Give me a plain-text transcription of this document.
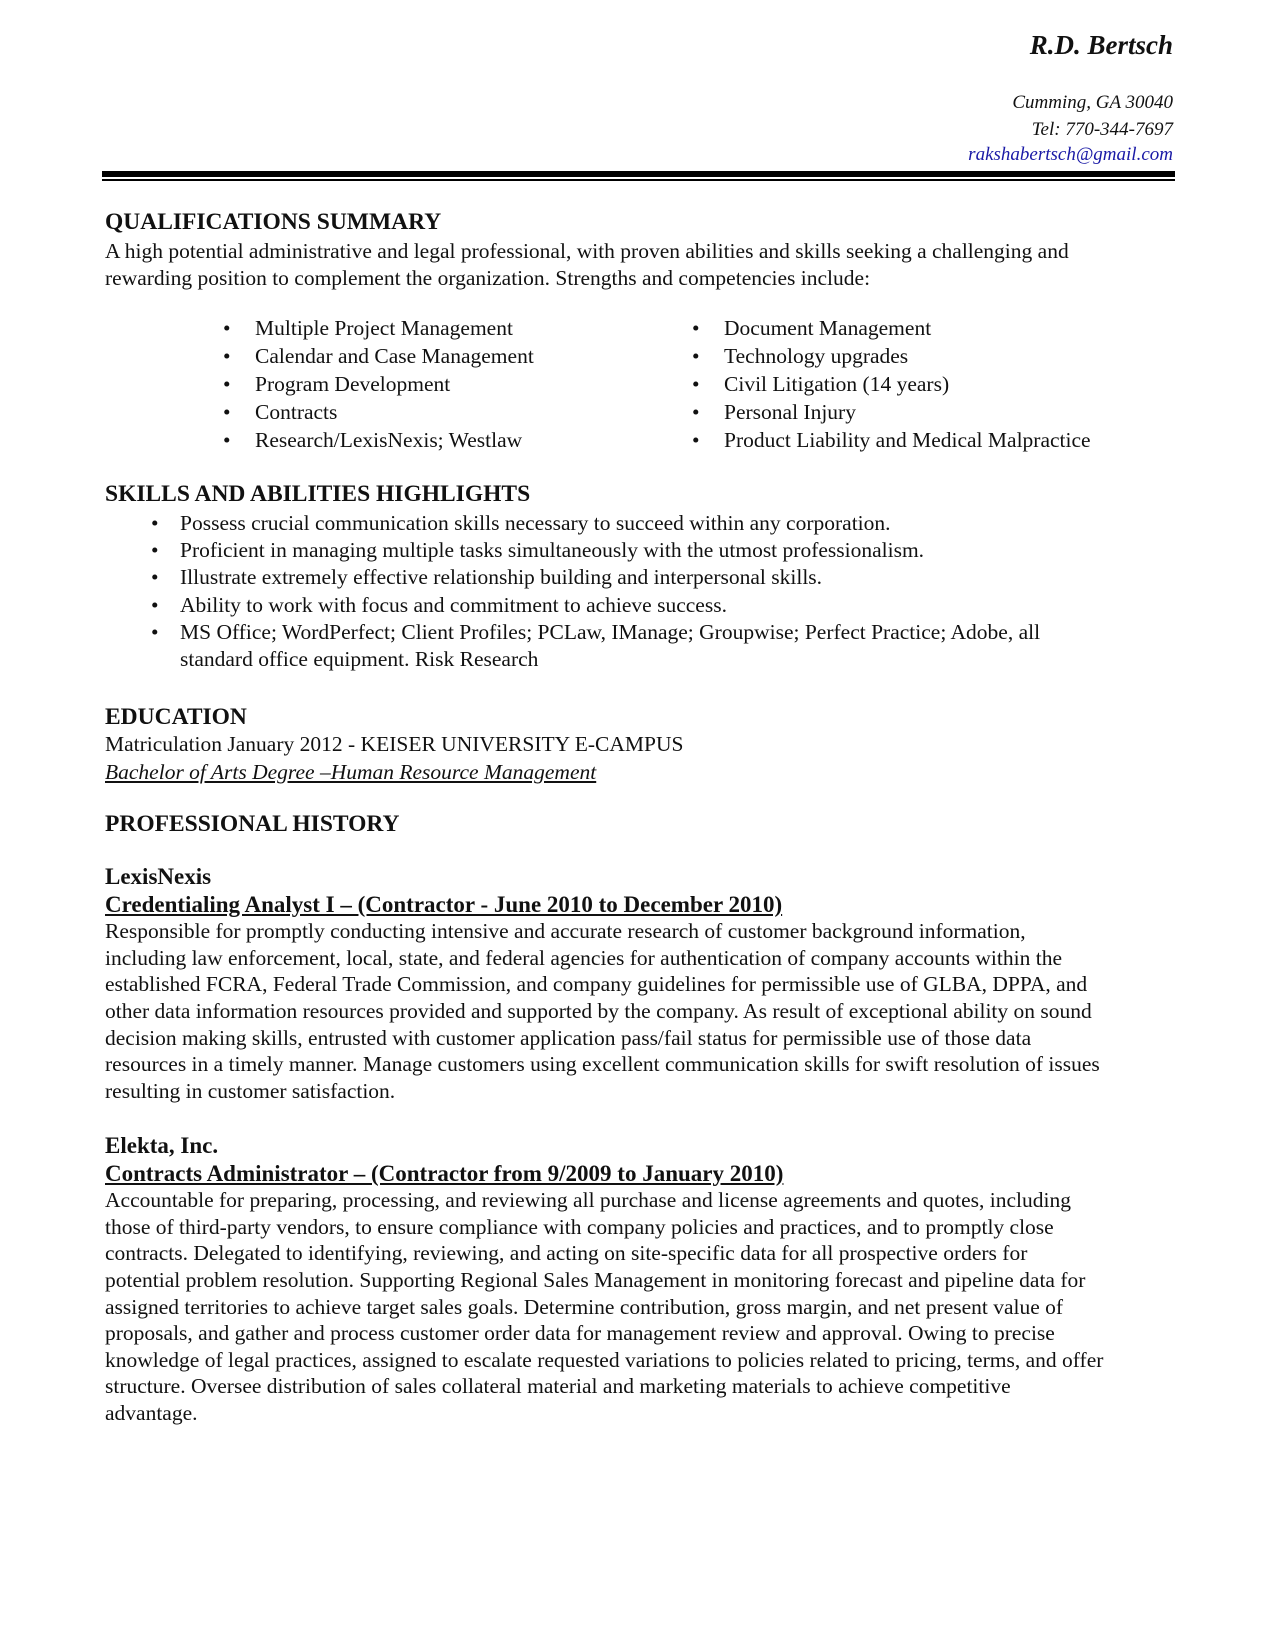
R.D. Bertsch
Cumming, GA 30040
Tel: 770-344-7697
rakshabertsch@gmail.com
QUALIFICATIONS SUMMARY
A high potential administrative and legal professional, with proven abilities and skills seeking a challenging and
rewarding position to complement the organization. Strengths and competencies include:
• Multiple Project Management
• Calendar and Case Management
• Program Development
• Contracts
• Research/LexisNexis; Westlaw
• Document Management
• Technology upgrades
• Civil Litigation (14 years)
• Personal Injury
• Product Liability and Medical Malpractice
SKILLS AND ABILITIES HIGHLIGHTS
• Possess crucial communication skills necessary to succeed within any corporation.
• Proficient in managing multiple tasks simultaneously with the utmost professionalism.
• Illustrate extremely effective relationship building and interpersonal skills.
• Ability to work with focus and commitment to achieve success.
• MS Office; WordPerfect; Client Profiles; PCLaw, IManage; Groupwise; Perfect Practice; Adobe, all
standard office equipment. Risk Research
EDUCATION
Matriculation January 2012 - KEISER UNIVERSITY E-CAMPUS
Bachelor of Arts Degree –Human Resource Management
PROFESSIONAL HISTORY
LexisNexis
Credentialing Analyst I – (Contractor - June 2010 to December 2010)
Responsible for promptly conducting intensive and accurate research of customer background information,
including law enforcement, local, state, and federal agencies for authentication of company accounts within the
established FCRA, Federal Trade Commission, and company guidelines for permissible use of GLBA, DPPA, and
other data information resources provided and supported by the company. As result of exceptional ability on sound
decision making skills, entrusted with customer application pass/fail status for permissible use of those data
resources in a timely manner. Manage customers using excellent communication skills for swift resolution of issues
resulting in customer satisfaction.
Elekta, Inc.
Contracts Administrator – (Contractor from 9/2009 to January 2010)
Accountable for preparing, processing, and reviewing all purchase and license agreements and quotes, including
those of third-party vendors, to ensure compliance with company policies and practices, and to promptly close
contracts. Delegated to identifying, reviewing, and acting on site-specific data for all prospective orders for
potential problem resolution. Supporting Regional Sales Management in monitoring forecast and pipeline data for
assigned territories to achieve target sales goals. Determine contribution, gross margin, and net present value of
proposals, and gather and process customer order data for management review and approval. Owing to precise
knowledge of legal practices, assigned to escalate requested variations to policies related to pricing, terms, and offer
structure. Oversee distribution of sales collateral material and marketing materials to achieve competitive
advantage.
